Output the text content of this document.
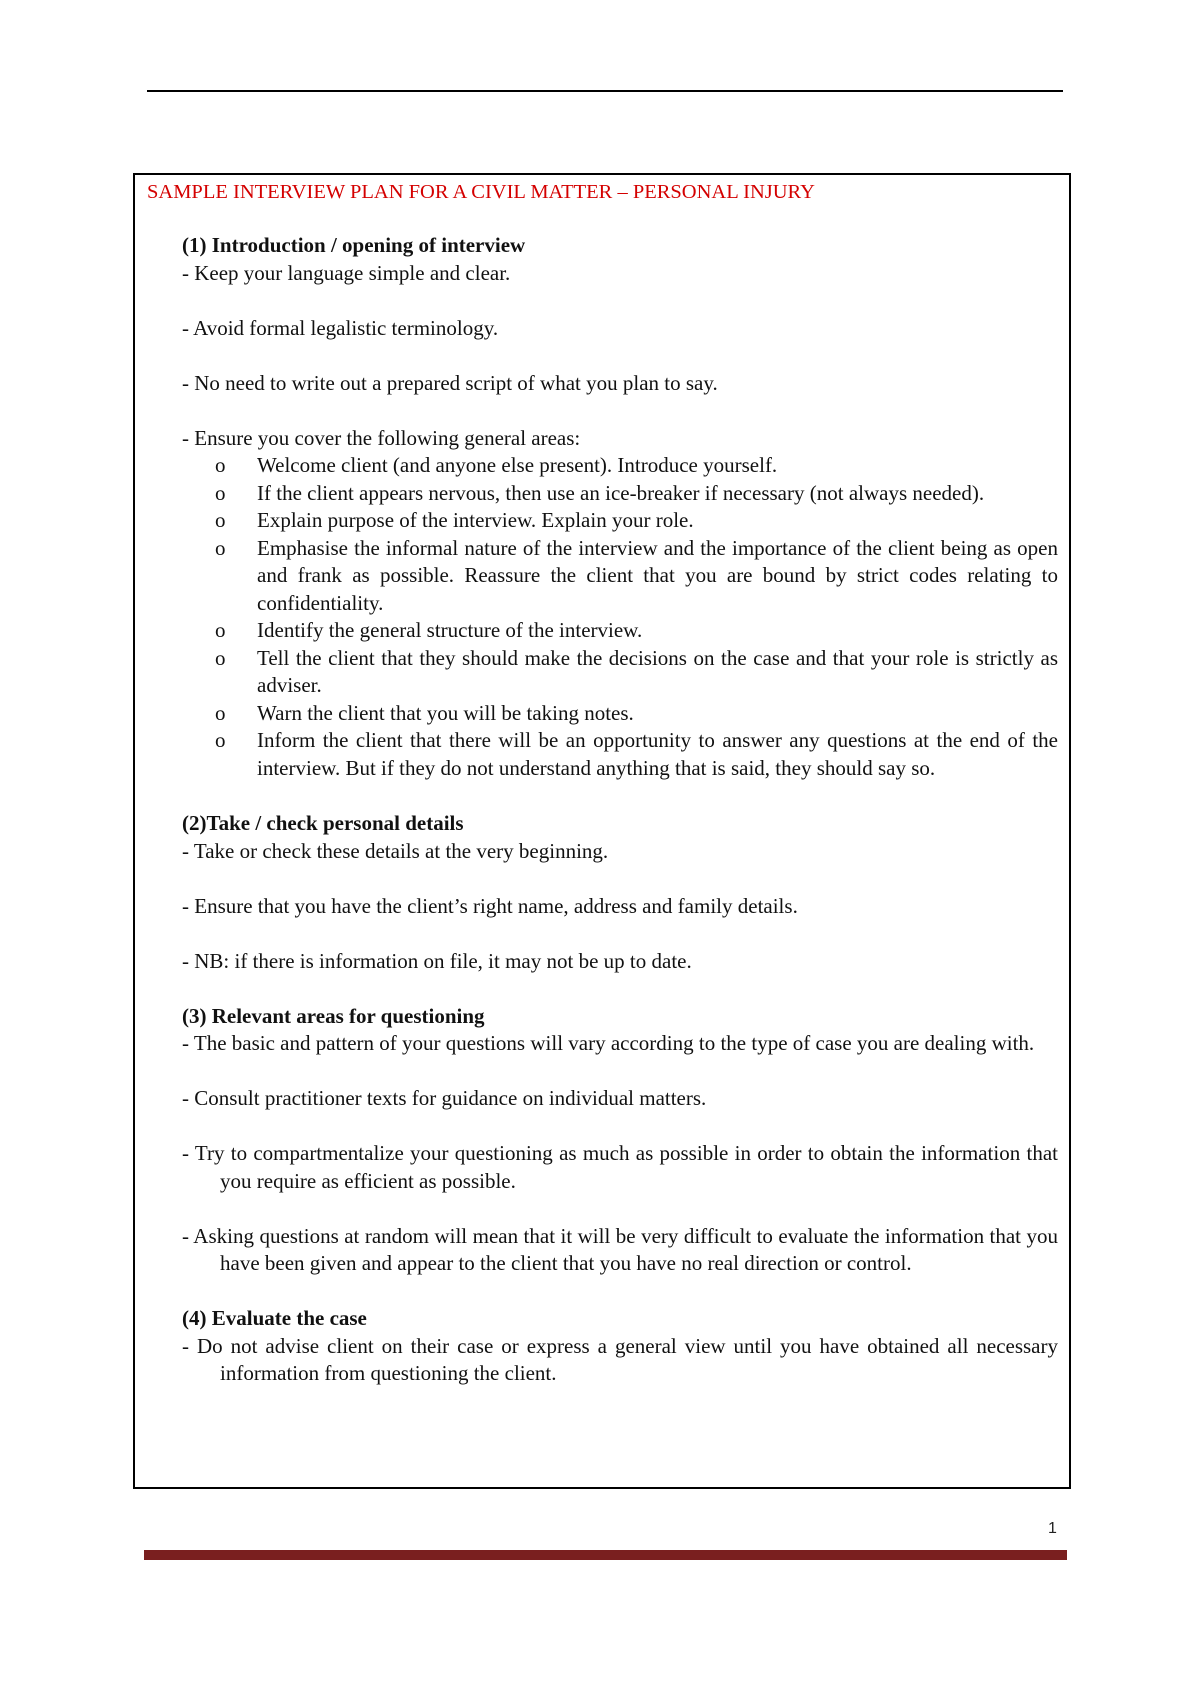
SAMPLE INTERVIEW PLAN FOR A CIVIL MATTER – PERSONAL INJURY

(1) Introduction / opening of interview

- Keep your language simple and clear.

- Avoid formal legalistic terminology.

- No need to write out a prepared script of what you plan to say.

- Ensure you cover the following general areas:

o Welcome client (and anyone else present). Introduce yourself.
o If the client appears nervous, then use an ice-breaker if necessary (not always needed).
o Explain purpose of the interview. Explain your role.
o Emphasise the informal nature of the interview and the importance of the client being as open and frank as possible. Reassure the client that you are bound by strict codes relating to confidentiality.
o Identify the general structure of the interview.
o Tell the client that they should make the decisions on the case and that your role is strictly as adviser.
o Warn the client that you will be taking notes.
o Inform the client that there will be an opportunity to answer any questions at the end of the interview. But if they do not understand anything that is said, they should say so.

(2)Take / check personal details

- Take or check these details at the very beginning.

- Ensure that you have the client’s right name, address and family details.

- NB: if there is information on file, it may not be up to date.

(3) Relevant areas for questioning

- The basic and pattern of your questions will vary according to the type of case you are dealing with.

- Consult practitioner texts for guidance on individual matters.

- Try to compartmentalize your questioning as much as possible in order to obtain the information that you require as efficient as possible.

- Asking questions at random will mean that it will be very difficult to evaluate the information that you have been given and appear to the client that you have no real direction or control.

(4) Evaluate the case

- Do not advise client on their case or express a general view until you have obtained all necessary information from questioning the client.

1
